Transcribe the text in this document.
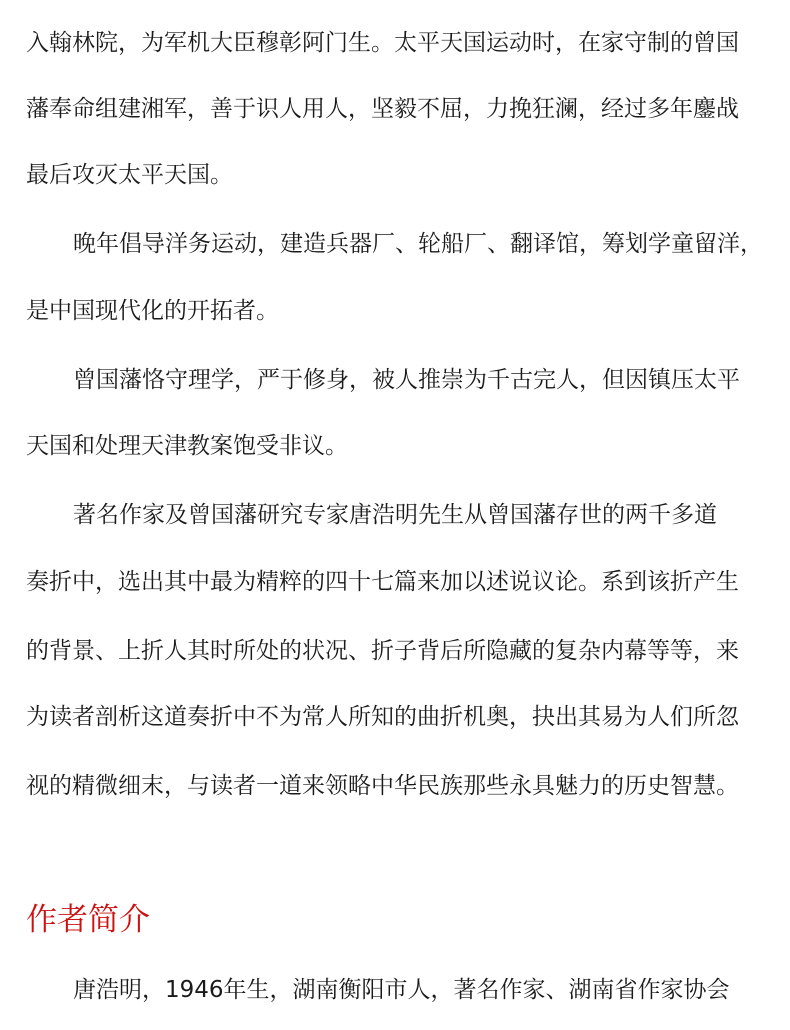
入翰林院，为军机大臣穆彰阿门生。太平天国运动时，在家守制的曾国
藩奉命组建湘军，善于识人用人，坚毅不屈，力挽狂澜，经过多年鏖战
最后攻灭太平天国。
晚年倡导洋务运动，建造兵器厂、轮船厂、翻译馆，筹划学童留洋，
是中国现代化的开拓者。
曾国藩恪守理学，严于修身，被人推崇为千古完人，但因镇压太平
天国和处理天津教案饱受非议。
著名作家及曾国藩研究专家唐浩明先生从曾国藩存世的两千多道
奏折中，选出其中最为精粹的四十七篇来加以述说议论。系到该折产生
的背景、上折人其时所处的状况、折子背后所隐藏的复杂内幕等等，来
为读者剖析这道奏折中不为常人所知的曲折机奥，抉出其易为人们所忽
视的精微细末，与读者一道来领略中华民族那些永具魅力的历史智慧。
作者简介
唐浩明，1946年生，湖南衡阳市人，著名作家、湖南省作家协会
